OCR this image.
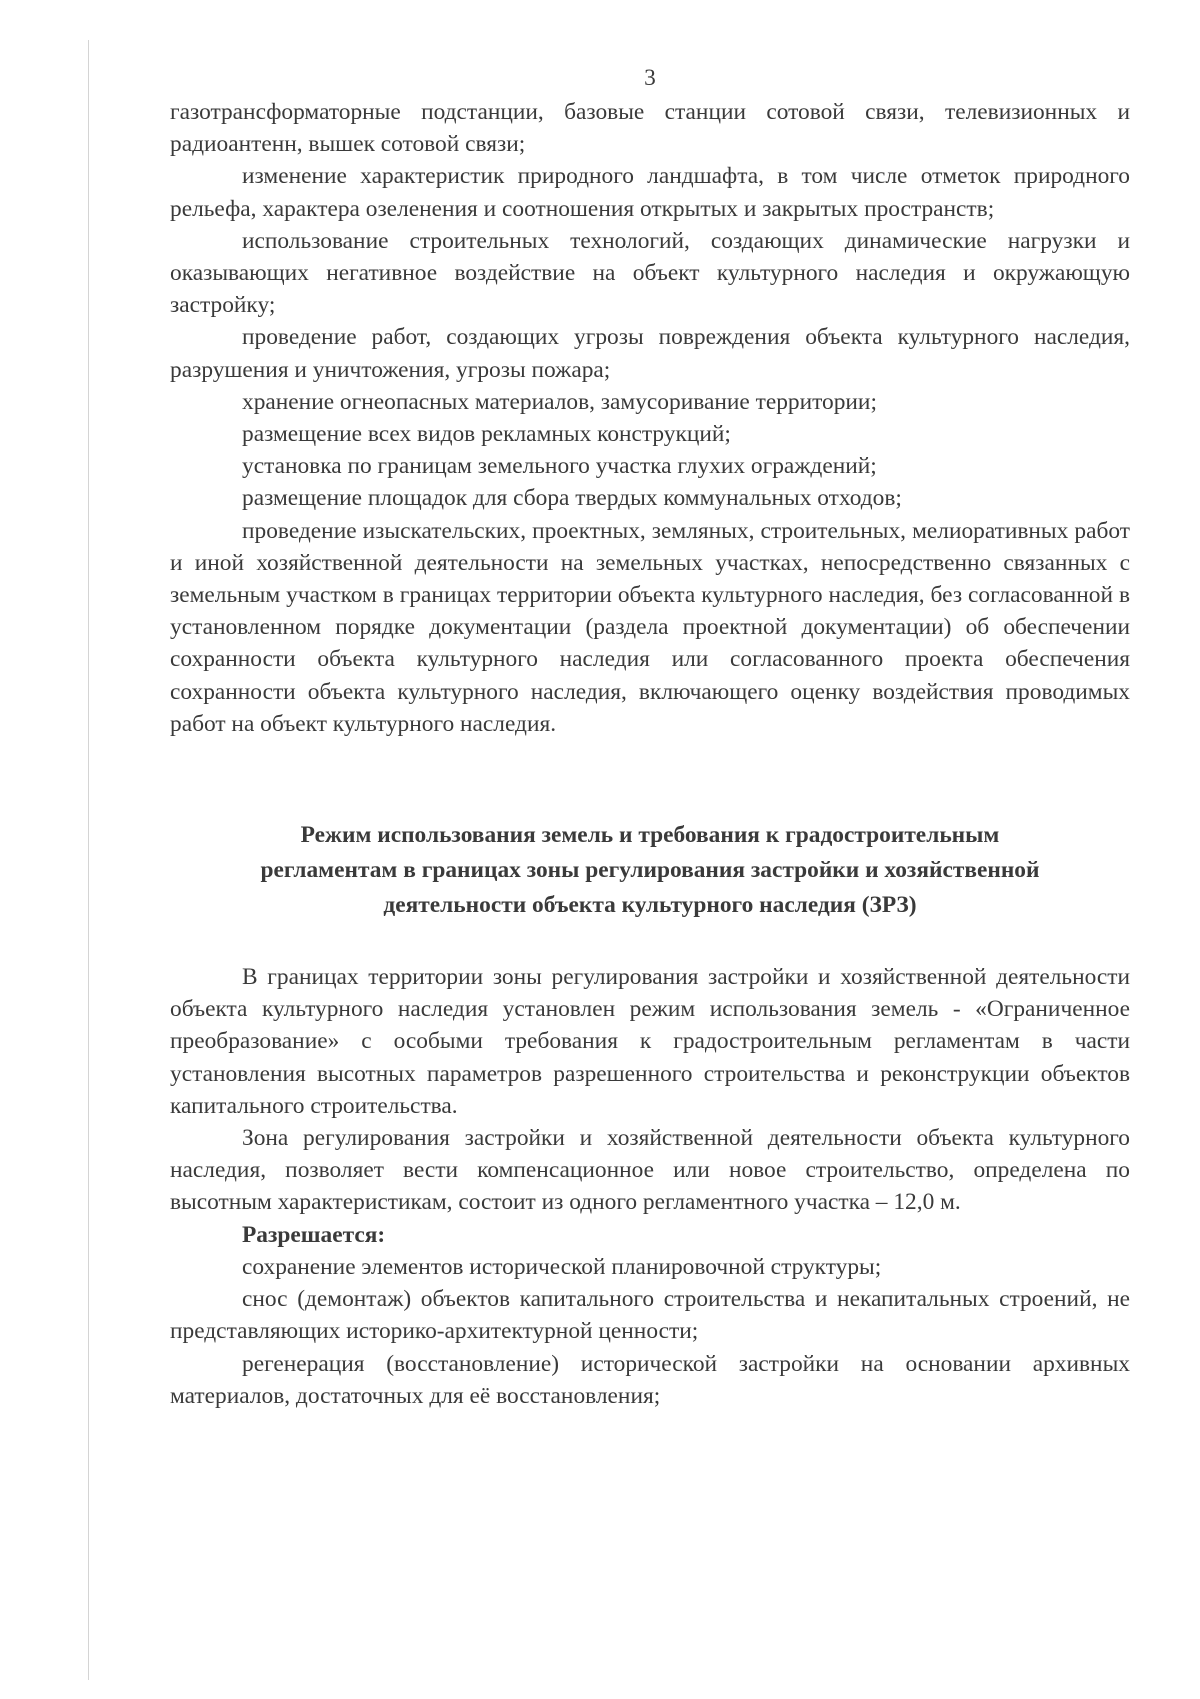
3

газотрансформаторные подстанции, базовые станции сотовой связи, телевизионных и радиоантенн, вышек сотовой связи;

изменение характеристик природного ландшафта, в том числе отметок природного рельефа, характера озеленения и соотношения открытых и закрытых пространств;

использование строительных технологий, создающих динамические нагрузки и оказывающих негативное воздействие на объект культурного наследия и окружающую застройку;

проведение работ, создающих угрозы повреждения объекта культурного наследия, разрушения и уничтожения, угрозы пожара;

хранение огнеопасных материалов, замусоривание территории;

размещение всех видов рекламных конструкций;

установка по границам земельного участка глухих ограждений;

размещение площадок для сбора твердых коммунальных отходов;

проведение изыскательских, проектных, земляных, строительных, мелиоративных работ и иной хозяйственной деятельности на земельных участках, непосредственно связанных с земельным участком в границах территории объекта культурного наследия, без согласованной в установленном порядке документации (раздела проектной документации) об обеспечении сохранности объекта культурного наследия или согласованного проекта обеспечения сохранности объекта культурного наследия, включающего оценку воздействия проводимых работ на объект культурного наследия.

Режим использования земель и требования к градостроительным
регламентам в границах зоны регулирования застройки и хозяйственной
деятельности объекта культурного наследия (ЗРЗ)

В границах территории зоны регулирования застройки и хозяйственной деятельности объекта культурного наследия установлен режим использования земель - «Ограниченное преобразование» с особыми требования к градостроительным регламентам в части установления высотных параметров разрешенного строительства и реконструкции объектов капитального строительства.

Зона регулирования застройки и хозяйственной деятельности объекта культурного наследия, позволяет вести компенсационное или новое строительство, определена по высотным характеристикам, состоит из одного регламентного участка – 12,0 м.

Разрешается:

сохранение элементов исторической планировочной структуры;

снос (демонтаж) объектов капитального строительства и некапитальных строений, не представляющих историко-архитектурной ценности;

регенерация (восстановление) исторической застройки на основании архивных материалов, достаточных для её восстановления;
